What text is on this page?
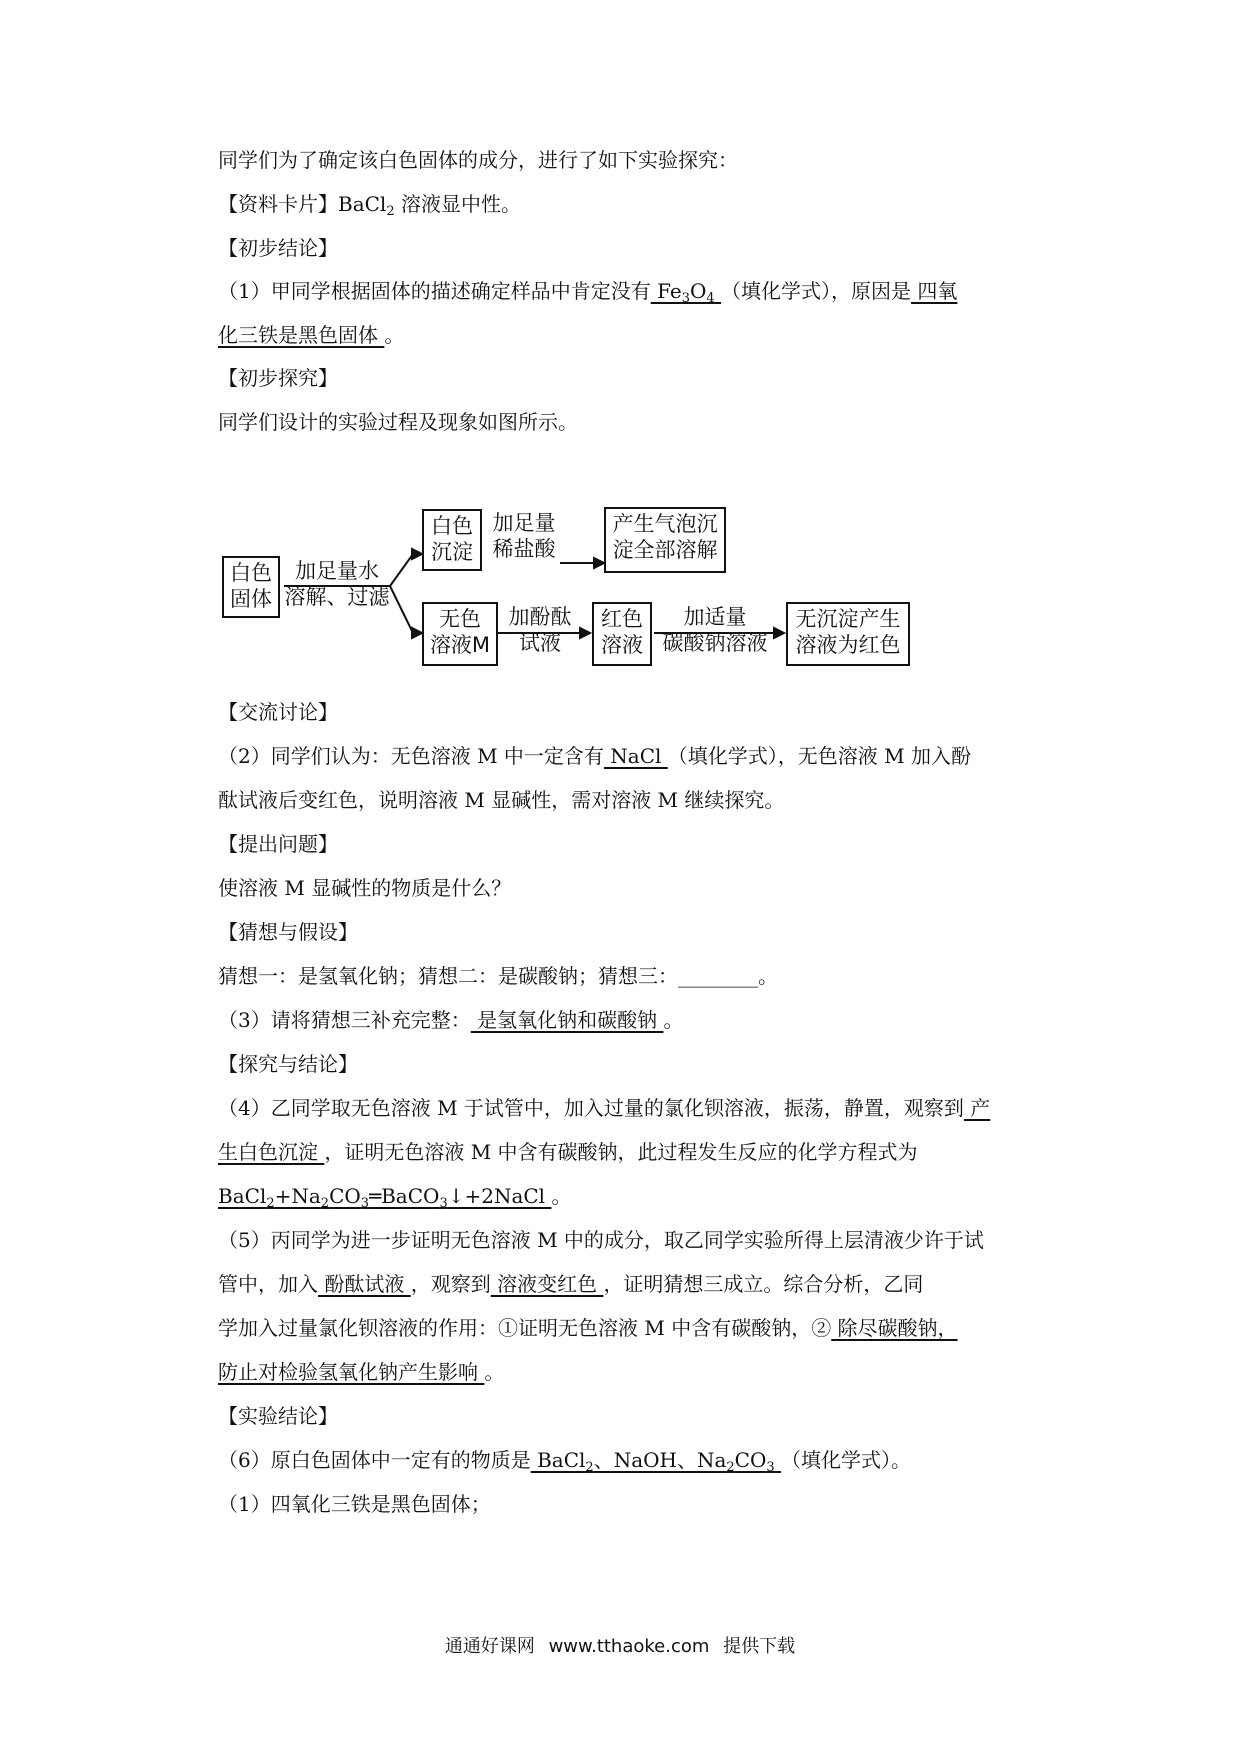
同学们为了确定该白色固体的成分，进行了如下实验探究：
【资料卡片】BaCl$_2$ 溶液显中性。
【初步结论】
（1）甲同学根据固体的描述确定样品中肯定没有 $Fe_3O_4$ （填化学式），原因是 四氧
化三铁是黑色固体 。
【初步探究】
同学们设计的实验过程及现象如图所示。
白色
固体
加足量水
溶解、过滤
白色
沉淀
加足量
稀盐酸
产生气泡沉
淀全部溶解
无色
溶液M
加酚酞
试液
红色
溶液
加适量
碳酸钠溶液
无沉淀产生
溶液为红色
【交流讨论】
（2）同学们认为：无色溶液 M 中一定含有 NaCl （填化学式），无色溶液 M 加入酚
酞试液后变红色，说明溶液 M 显碱性，需对溶液 M 继续探究。
【提出问题】
使溶液 M 显碱性的物质是什么？
【猜想与假设】
猜想一：是氢氧化钠；猜想二：是碳酸钠；猜想三：________。
（3）请将猜想三补充完整： 是氢氧化钠和碳酸钠 。
【探究与结论】
（4）乙同学取无色溶液 M 于试管中，加入过量的氯化钡溶液，振荡，静置，观察到 产
生白色沉淀 ，证明无色溶液 M 中含有碳酸钠，此过程发生反应的化学方程式为
$BaCl_2+Na_2CO_3═BaCO_3↓+2NaCl$ 。
（5）丙同学为进一步证明无色溶液 M 中的成分，取乙同学实验所得上层清液少许于试
管中，加入 酚酞试液 ，观察到 溶液变红色 ，证明猜想三成立。综合分析，乙同
学加入过量氯化钡溶液的作用：①证明无色溶液 M 中含有碳酸钠，② 除尽碳酸钠，
防止对检验氢氧化钠产生影响 。
【实验结论】
（6）原白色固体中一定有的物质是 BaCl$_2$、NaOH、$Na_2CO_3$ （填化学式）。
（1）四氧化三铁是黑色固体；
通通好课网 www.tthaoke.com 提供下载
